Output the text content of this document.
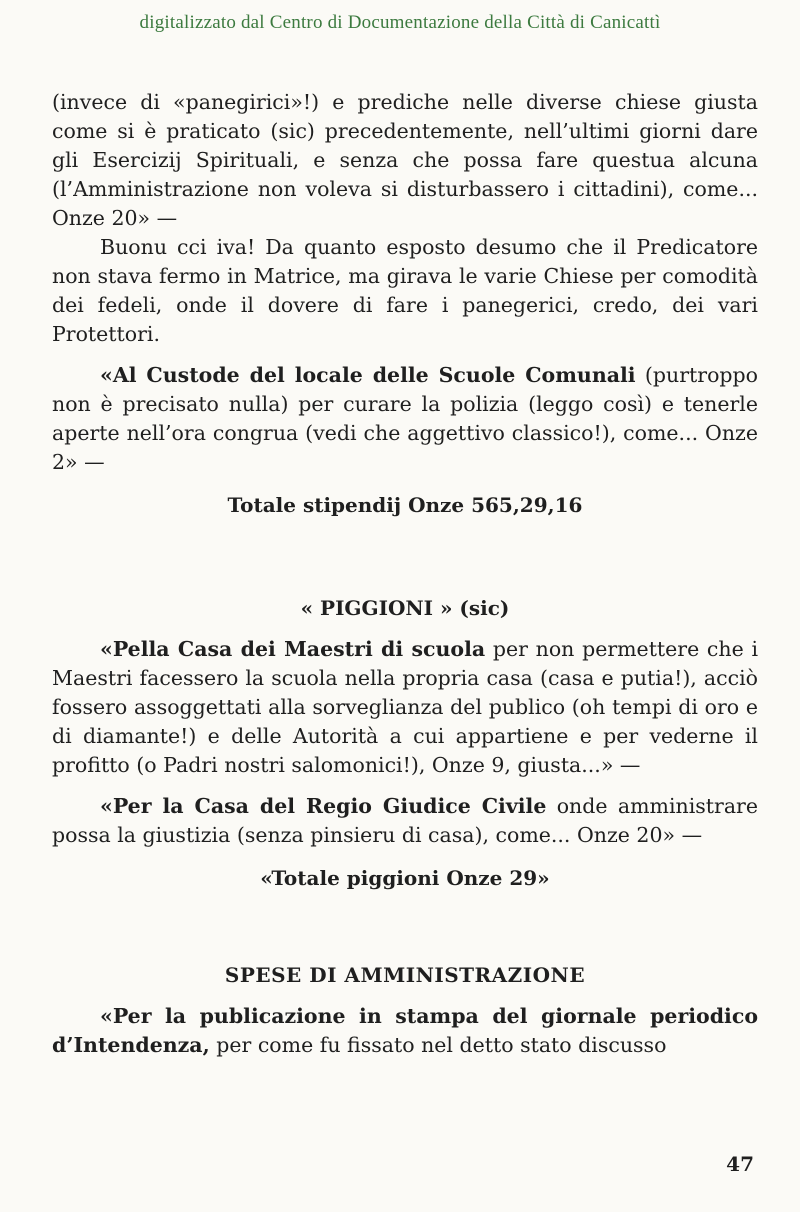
digitalizzato dal Centro di Documentazione della Città di Canicattì

(invece di «panegirici»!) e prediche nelle diverse chiese giusta come si è praticato (sic) precedentemente, nell’ultimi giorni dare gli Esercizij Spirituali, e senza che possa fare questua alcuna (l’Amministrazione non voleva si disturbassero i cittadini), come... Onze 20» —

Buonu cci iva! Da quanto esposto desumo che il Predicatore non stava fermo in Matrice, ma girava le varie Chiese per comodità dei fedeli, onde il dovere di fare i panegerici, credo, dei vari Protettori.

«Al Custode del locale delle Scuole Comunali (purtroppo non è precisato nulla) per curare la polizia (leggo così) e tenerle aperte nell’ora congrua (vedi che aggettivo classico!), come... Onze 2» —

Totale stipendij Onze 565,29,16

« PIGGIONI » (sic)

«Pella Casa dei Maestri di scuola per non permettere che i Maestri facessero la scuola nella propria casa (casa e putia!), acciò fossero assoggettati alla sorveglianza del publico (oh tempi di oro e di diamante!) e delle Autorità a cui appartiene e per vederne il profitto (o Padri nostri salomonici!), Onze 9, giusta...» —

«Per la Casa del Regio Giudice Civile onde amministrare possa la giustizia (senza pinsieru di casa), come... Onze 20» —

«Totale piggioni Onze 29»

SPESE DI AMMINISTRAZIONE

«Per la publicazione in stampa del giornale periodico d’Intendenza, per come fu fissato nel detto stato discusso

47
